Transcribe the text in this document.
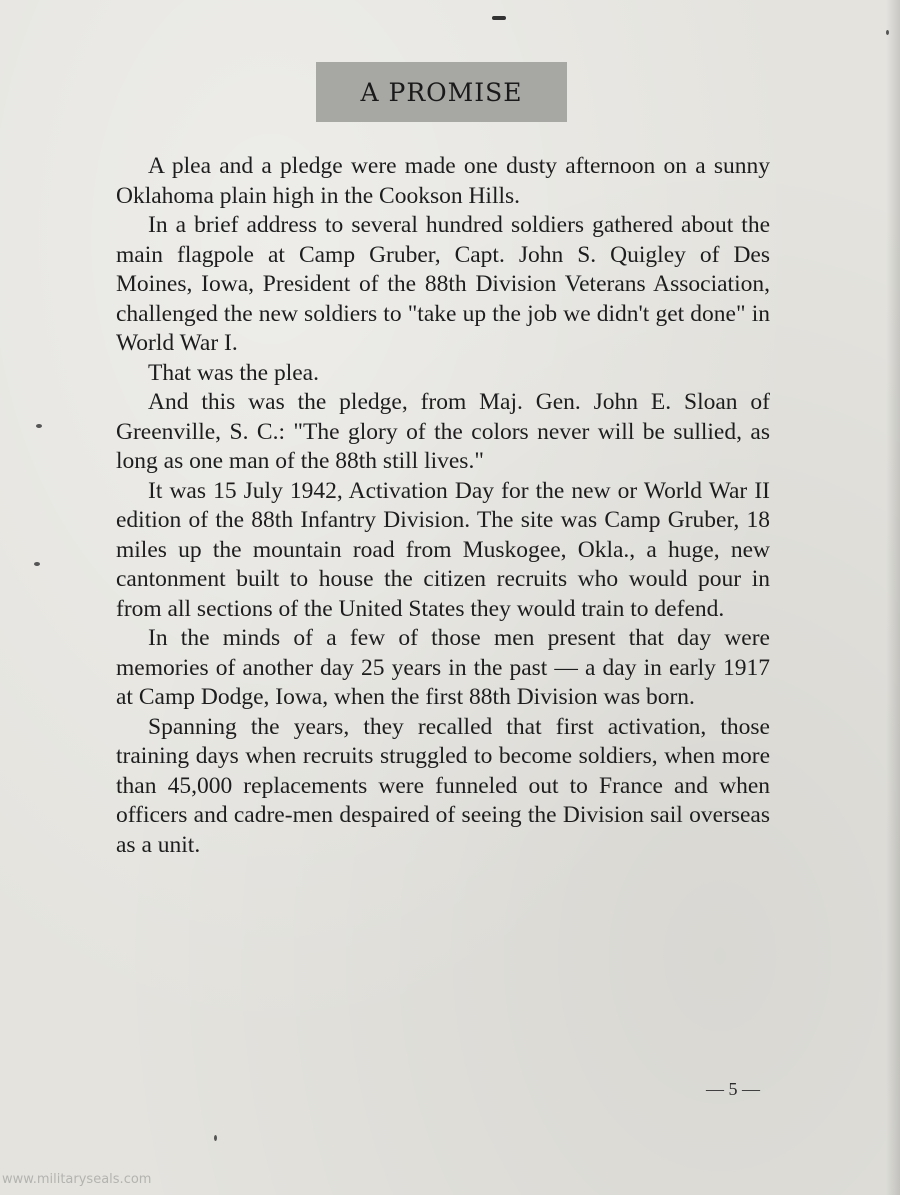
A PROMISE

A plea and a pledge were made one dusty afternoon on a sunny Oklahoma plain high in the Cookson Hills.

In a brief address to several hundred soldiers gathered about the main flagpole at Camp Gruber, Capt. John S. Quigley of Des Moines, Iowa, President of the 88th Division Veterans Association, challenged the new soldiers to "take up the job we didn't get done" in World War I.

That was the plea.

And this was the pledge, from Maj. Gen. John E. Sloan of Greenville, S. C.: "The glory of the colors never will be sullied, as long as one man of the 88th still lives."

It was 15 July 1942, Activation Day for the new or World War II edition of the 88th Infantry Division. The site was Camp Gruber, 18 miles up the mountain road from Muskogee, Okla., a huge, new cantonment built to house the citizen recruits who would pour in from all sections of the United States they would train to defend.

In the minds of a few of those men present that day were memories of another day 25 years in the past — a day in early 1917 at Camp Dodge, Iowa, when the first 88th Division was born.

Spanning the years, they recalled that first activation, those training days when recruits struggled to become soldiers, when more than 45,000 replacements were funneled out to France and when officers and cadre-men despaired of seeing the Division sail overseas as a unit.

— 5 —
www.militaryseals.com
